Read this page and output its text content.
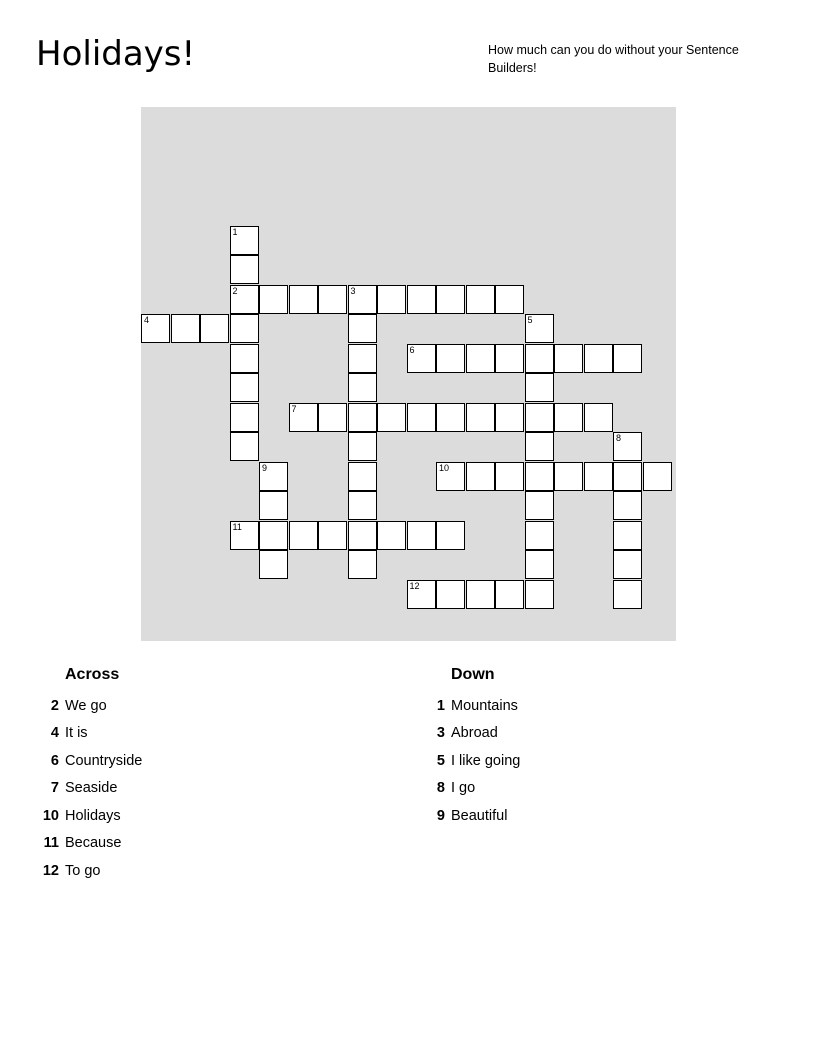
Holidays!	How much can you do without your Sentence Builders!
1
2	3
4	5
6
7
8
9	10
11
12
Across
2 We go
4 It is
6 Countryside
7 Seaside
10 Holidays
11 Because
12 To go
Down
1 Mountains
3 Abroad
5 I like going
8 I go
9 Beautiful
